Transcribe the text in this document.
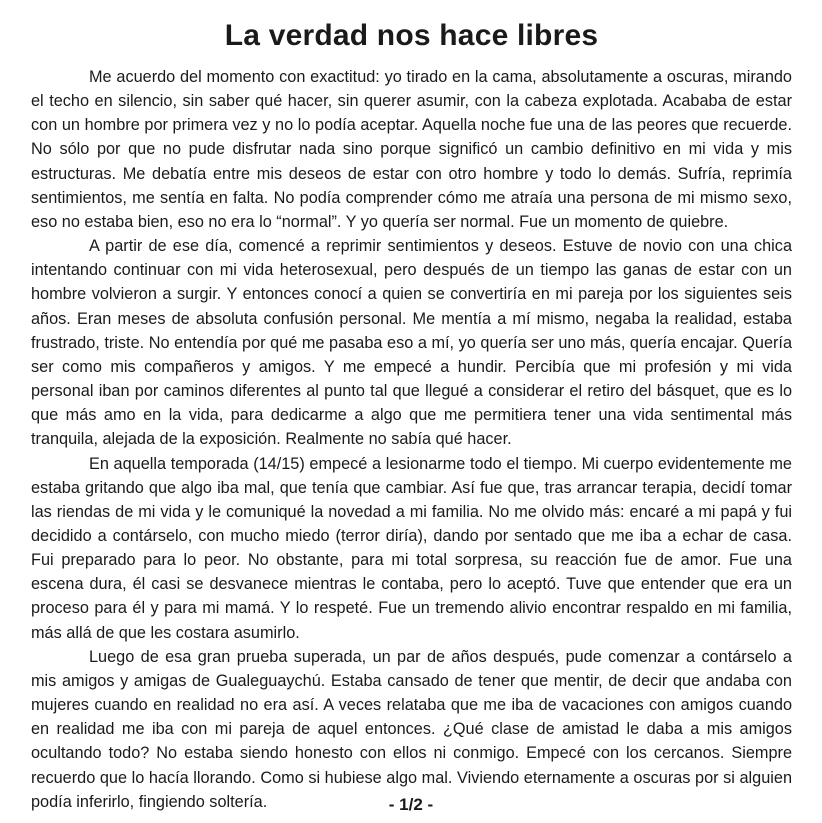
La verdad nos hace libres

Me acuerdo del momento con exactitud: yo tirado en la cama, absolutamente a oscuras, mirando el techo en silencio, sin saber qué hacer, sin querer asumir, con la cabeza explotada. Acababa de estar con un hombre por primera vez y no lo podía aceptar. Aquella noche fue una de las peores que recuerde. No sólo por que no pude disfrutar nada sino porque significó un cambio definitivo en mi vida y mis estructuras. Me debatía entre mis deseos de estar con otro hombre y todo lo demás. Sufría, reprimía sentimientos, me sentía en falta. No podía comprender cómo me atraía una persona de mi mismo sexo, eso no estaba bien, eso no era lo “normal”. Y yo quería ser normal. Fue un momento de quiebre.

A partir de ese día, comencé a reprimir sentimientos y deseos. Estuve de novio con una chica intentando continuar con mi vida heterosexual, pero después de un tiempo las ganas de estar con un hombre volvieron a surgir. Y entonces conocí a quien se convertiría en mi pareja por los siguientes seis años. Eran meses de absoluta confusión personal. Me mentía a mí mismo, negaba la realidad, estaba frustrado, triste. No entendía por qué me pasaba eso a mí, yo quería ser uno más, quería encajar. Quería ser como mis compañeros y amigos. Y me empecé a hundir. Percibía que mi profesión y mi vida personal iban por caminos diferentes al punto tal que llegué a considerar el retiro del básquet, que es lo que más amo en la vida, para dedicarme a algo que me permitiera tener una vida sentimental más tranquila, alejada de la exposición. Realmente no sabía qué hacer.

En aquella temporada (14/15) empecé a lesionarme todo el tiempo. Mi cuerpo evidentemente me estaba gritando que algo iba mal, que tenía que cambiar. Así fue que, tras arrancar terapia, decidí tomar las riendas de mi vida y le comuniqué la novedad a mi familia. No me olvido más: encaré a mi papá y fui decidido a contárselo, con mucho miedo (terror diría), dando por sentado que me iba a echar de casa. Fui preparado para lo peor. No obstante, para mi total sorpresa, su reacción fue de amor. Fue una escena dura, él casi se desvanece mientras le contaba, pero lo aceptó. Tuve que entender que era un proceso para él y para mi mamá. Y lo respeté. Fue un tremendo alivio encontrar respaldo en mi familia, más allá de que les costara asumirlo.

Luego de esa gran prueba superada, un par de años después, pude comenzar a contárselo a mis amigos y amigas de Gualeguaychú. Estaba cansado de tener que mentir, de decir que andaba con mujeres cuando en realidad no era así. A veces relataba que me iba de vacaciones con amigos cuando en realidad me iba con mi pareja de aquel entonces. ¿Qué clase de amistad le daba a mis amigos ocultando todo? No estaba siendo honesto con ellos ni conmigo. Empecé con los cercanos. Siempre recuerdo que lo hacía llorando. Como si hubiese algo mal. Viviendo eternamente a oscuras por si alguien podía inferirlo, fingiendo soltería.	- 1/2 -
